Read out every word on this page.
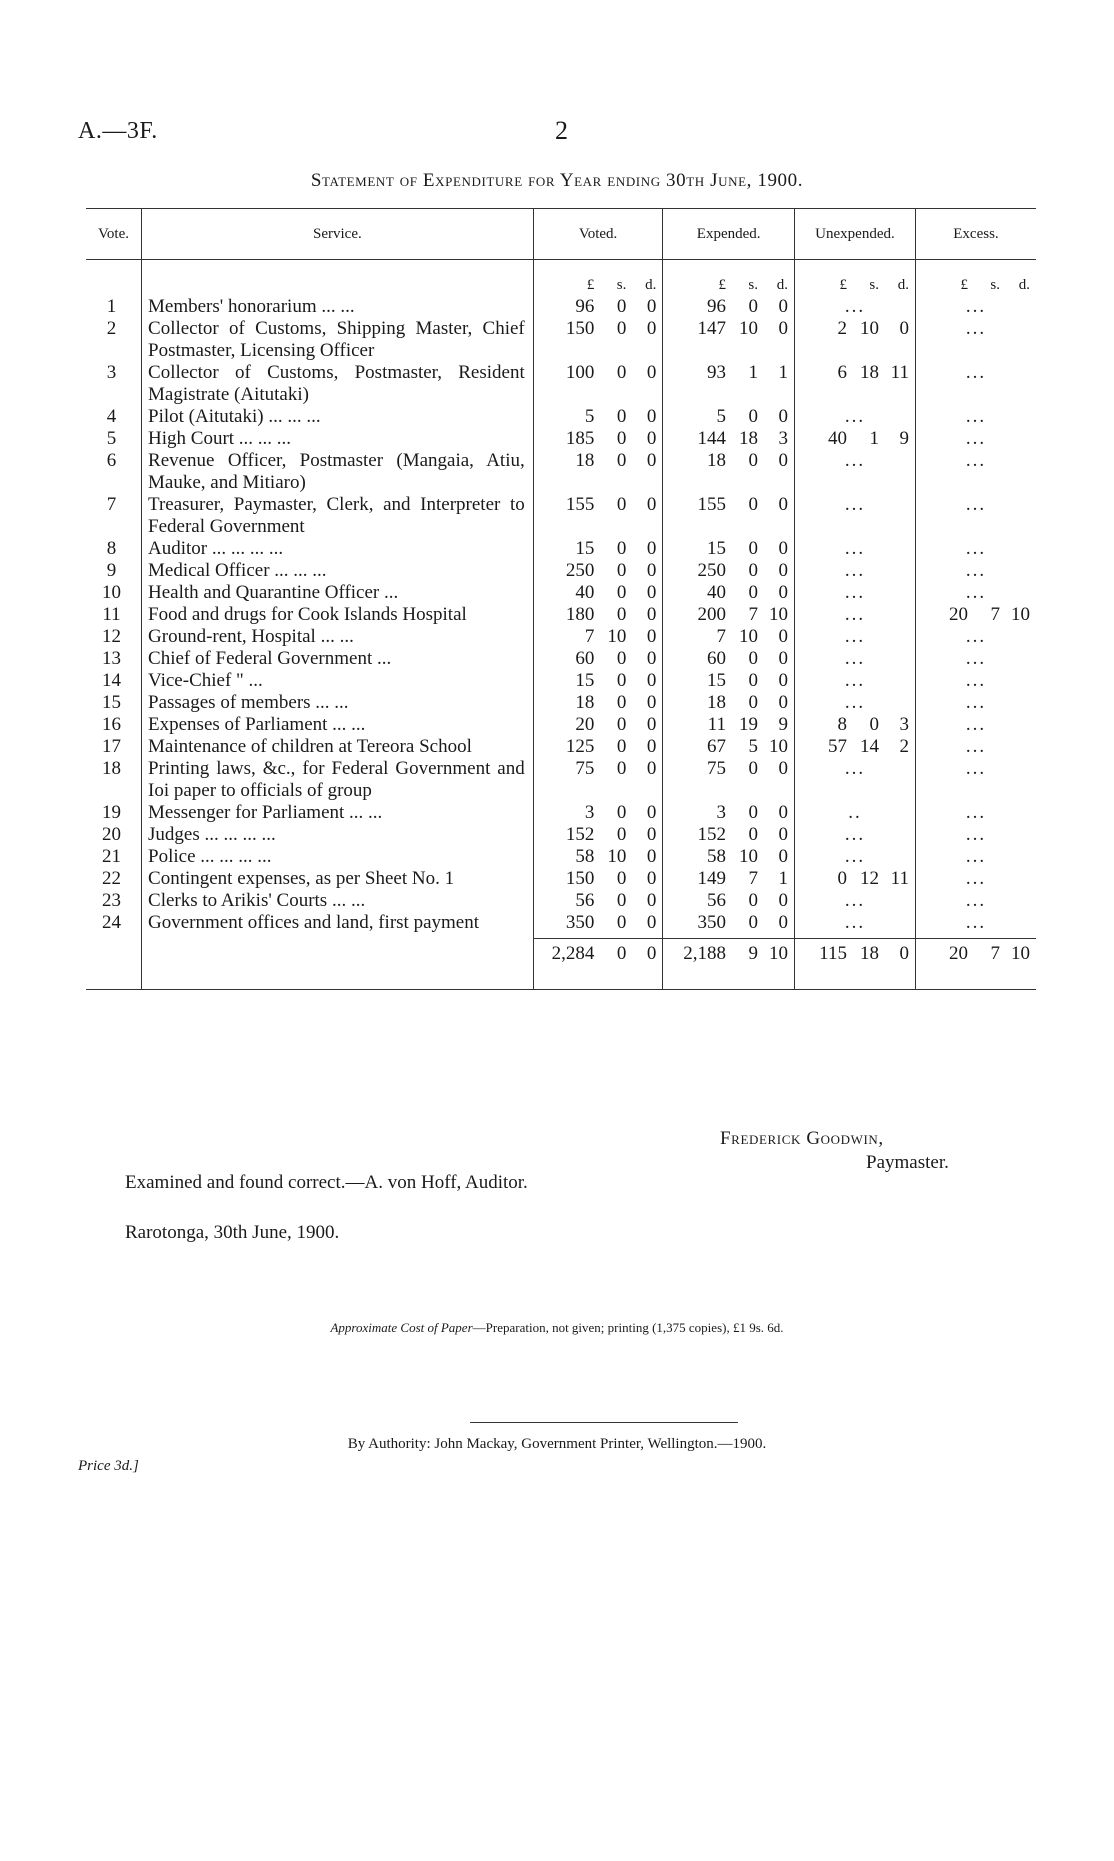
A.—3F.	2
Statement of Expenditure for Year ending 30th June, 1900.
Vote.	Service.	Voted.	Expended.	Unexpended.	Excess.

		£ s. d.	£ s. d.	£ s. d.	£ s. d.

1	Members' honorarium ... ...	96 0 0	96 0 0	...	...

2	Collector of Customs, Shipping Master, Chief Postmaster, Licensing Officer	150 0 0	147 10 0	2 10 0	...

3	Collector of Customs, Postmaster, Resident Magistrate (Aitutaki)	100 0 0	93 1 1	6 18 11	...

4	Pilot (Aitutaki) ... ... ...	5 0 0	5 0 0	...	...

5	High Court ... ... ...	185 0 0	144 18 3	40 1 9	...

6	Revenue Officer, Postmaster (Mangaia, Atiu, Mauke, and Mitiaro)	18 0 0	18 0 0	...	...

7	Treasurer, Paymaster, Clerk, and Interpreter to Federal Government	155 0 0	155 0 0	...	...

8	Auditor ... ... ... ...	15 0 0	15 0 0	...	...

9	Medical Officer ... ... ...	250 0 0	250 0 0	...	...

10	Health and Quarantine Officer ...	40 0 0	40 0 0	...	...

11	Food and drugs for Cook Islands Hospital	180 0 0	200 7 10	...	20 7 10

12	Ground-rent, Hospital ... ...	7 10 0	7 10 0	...	...

13	Chief of Federal Government ...	60 0 0	60 0 0	...	...

14	Vice-Chief " ...	15 0 0	15 0 0	...	...

15	Passages of members ... ...	18 0 0	18 0 0	...	...

16	Expenses of Parliament ... ...	20 0 0	11 19 9	8 0 3	...

17	Maintenance of children at Tereora School	125 0 0	67 5 10	57 14 2	...

18	Printing laws, &c., for Federal Government and Ioi paper to officials of group	75 0 0	75 0 0	...	...

19	Messenger for Parliament ... ...	3 0 0	3 0 0	..	...

20	Judges ... ... ... ...	152 0 0	152 0 0	...	...

21	Police ... ... ... ...	58 10 0	58 10 0	...	...

22	Contingent expenses, as per Sheet No. 1	150 0 0	149 7 1	0 12 11	...

23	Clerks to Arikis' Courts ... ...	56 0 0	56 0 0	...	...

24	Government offices and land, first payment	350 0 0	350 0 0	...	...

		2,284 0 0	2,188 9 10	115 18 0	20 7 10
Frederick Goodwin,
Paymaster.
Examined and found correct.—A. von Hoff, Auditor.
Rarotonga, 30th June, 1900.
Approximate Cost of Paper—Preparation, not given; printing (1,375 copies), £1 9s. 6d.
By Authority: John Mackay, Government Printer, Wellington.—1900.
Price 3d.]
